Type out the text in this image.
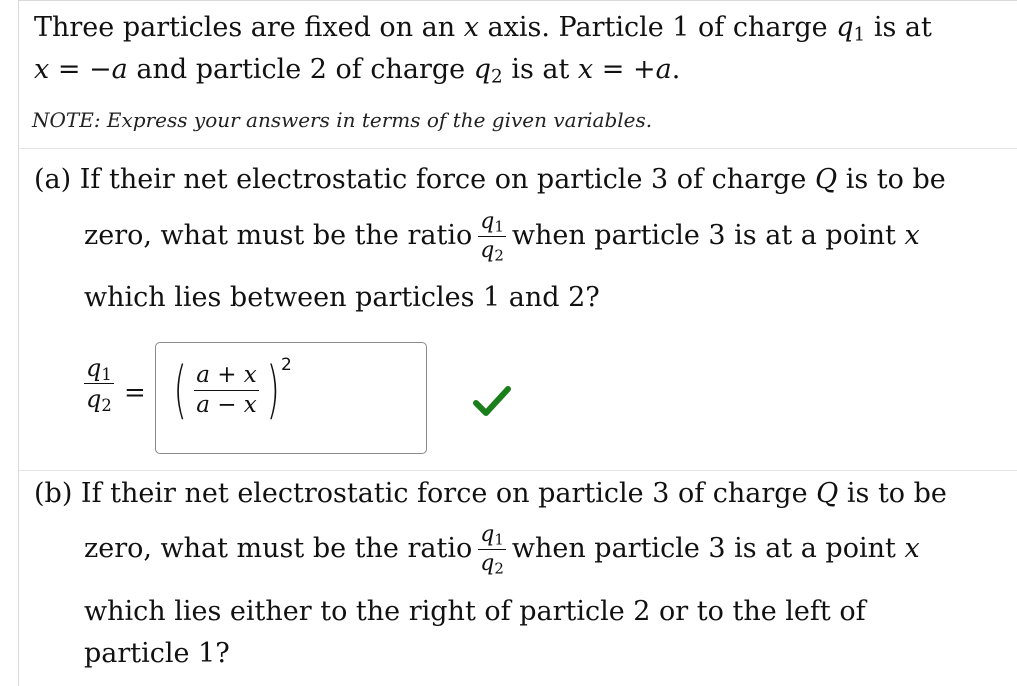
Three particles are fixed on an x axis. Particle 1 of charge $q_1$ is at
x = −a and particle 2 of charge $q_2$ is at x = +a.
NOTE: Express your answers in terms of the given variables.
(a) If their net electrostatic force on particle 3 of charge Q is to be
zero, what must be the ratio $\frac{q_1}{q_2}$ when particle 3 is at a point x
which lies between particles 1 and 2?
$\frac{q_1}{q_2}$ = ( $\frac{a + x}{a - x} )2$
(b) If their net electrostatic force on particle 3 of charge Q is to be
zero, what must be the ratio $\frac{q_1}{q_2}$ when particle 3 is at a point x
which lies either to the right of particle 2 or to the left of
particle 1?
